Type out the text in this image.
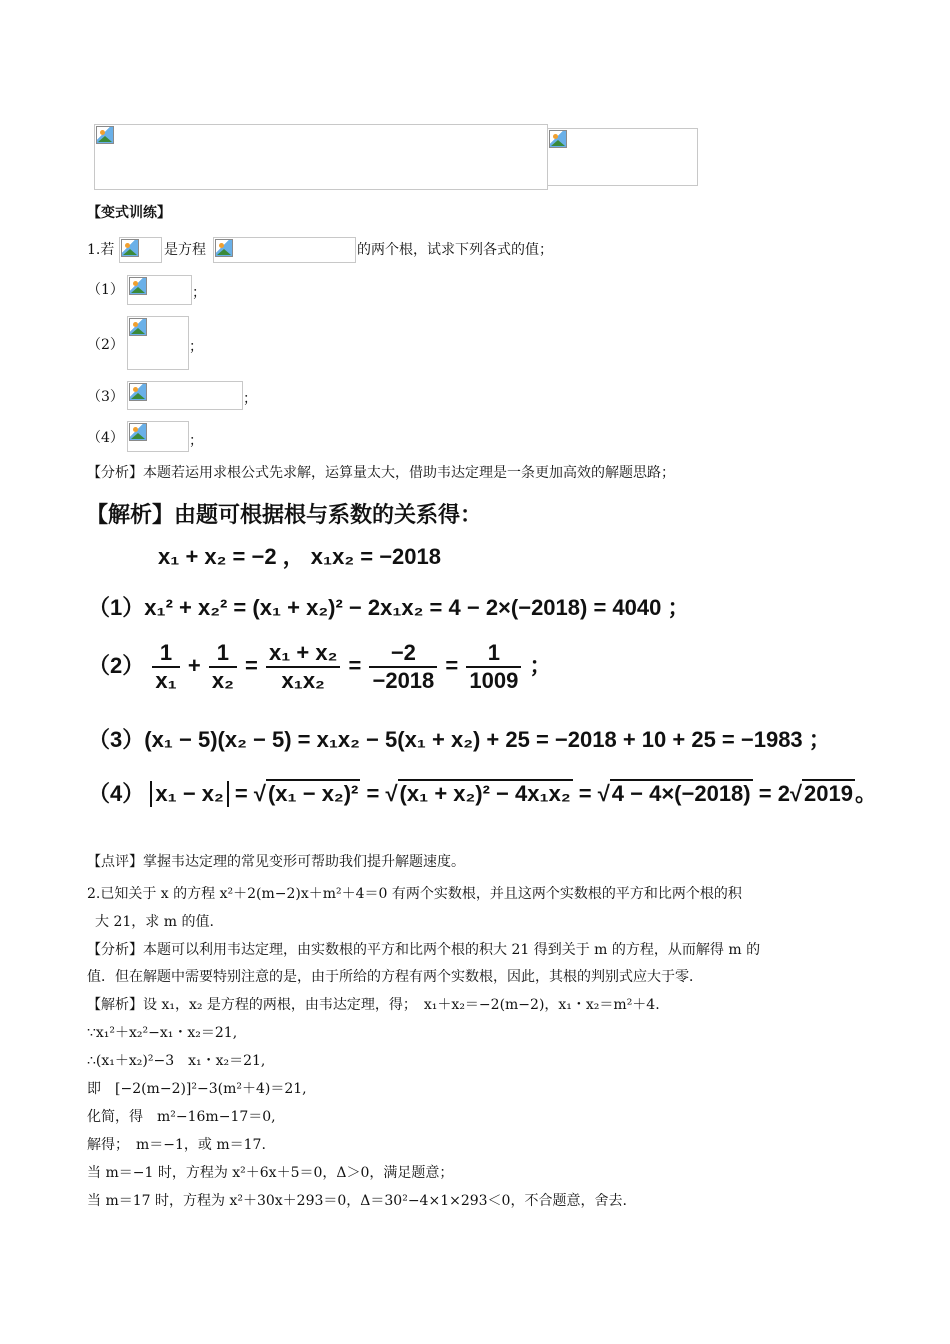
【变式训练】
1.若	是方程	的两个根，试求下列各式的值；
（1）	；
（2）	；
（3）	；
（4）	；
【分析】本题若运用求根公式先求解，运算量太大，借助韦达定理是一条更加高效的解题思路；
【解析】由题可根据根与系数的关系得：
x₁ + x₂ = −2 ， x₁x₂ = −2018
（1）x₁² + x₂² = (x₁ + x₂)² − 2x₁x₂ = 4 − 2×(−2018) = 4040 ；
$(2) \frac{1}{\text{x₁}} + \frac{1}{\text{x₂}} = \frac{\text{x₁ + x₂}}{\text{x₁x₂}} = \frac{-2}{-2018} = \frac{1}{1009}$ ；
（3）(x₁ − 5)(x₂ − 5) = x₁x₂ − 5(x₁ + x₂) + 25 = −2018 + 10 + 25 = −1983 ；
（4） x₁ − x₂ = √(x₁ − x₂)² = √(x₁ + x₂)² − 4x₁x₂ = √4 − 4×(−2018) = 2√2019。
【点评】掌握韦达定理的常见变形可帮助我们提升解题速度。
2.已知关于 x 的方程 x²＋2(m−2)x＋m²＋4＝0 有两个实数根，并且这两个实数根的平方和比两个根的积
大 21，求 m 的值.
【分析】本题可以利用韦达定理，由实数根的平方和比两个根的积大 21 得到关于 m 的方程，从而解得 m 的
值．但在解题中需要特别注意的是，由于所给的方程有两个实数根，因此，其根的判别式应大于零．
【解析】设 x₁，x₂ 是方程的两根，由韦达定理，得；　x₁＋x₂＝−2(m−2)，x₁・x₂＝m²＋4.
∵x₁²＋x₂²−x₁・x₂＝21,
∴(x₁＋x₂)²−3　x₁・x₂＝21,
即　[−2(m−2)]²−3(m²＋4)＝21,
化简，得　m²−16m−17＝0,
解得；　m＝−1，或 m＝17.
当 m＝−1 时，方程为 x²＋6x＋5＝0，Δ＞0，满足题意；
当 m＝17 时，方程为 x²＋30x＋293＝0，Δ＝30²−4×1×293＜0，不合题意，舍去.
